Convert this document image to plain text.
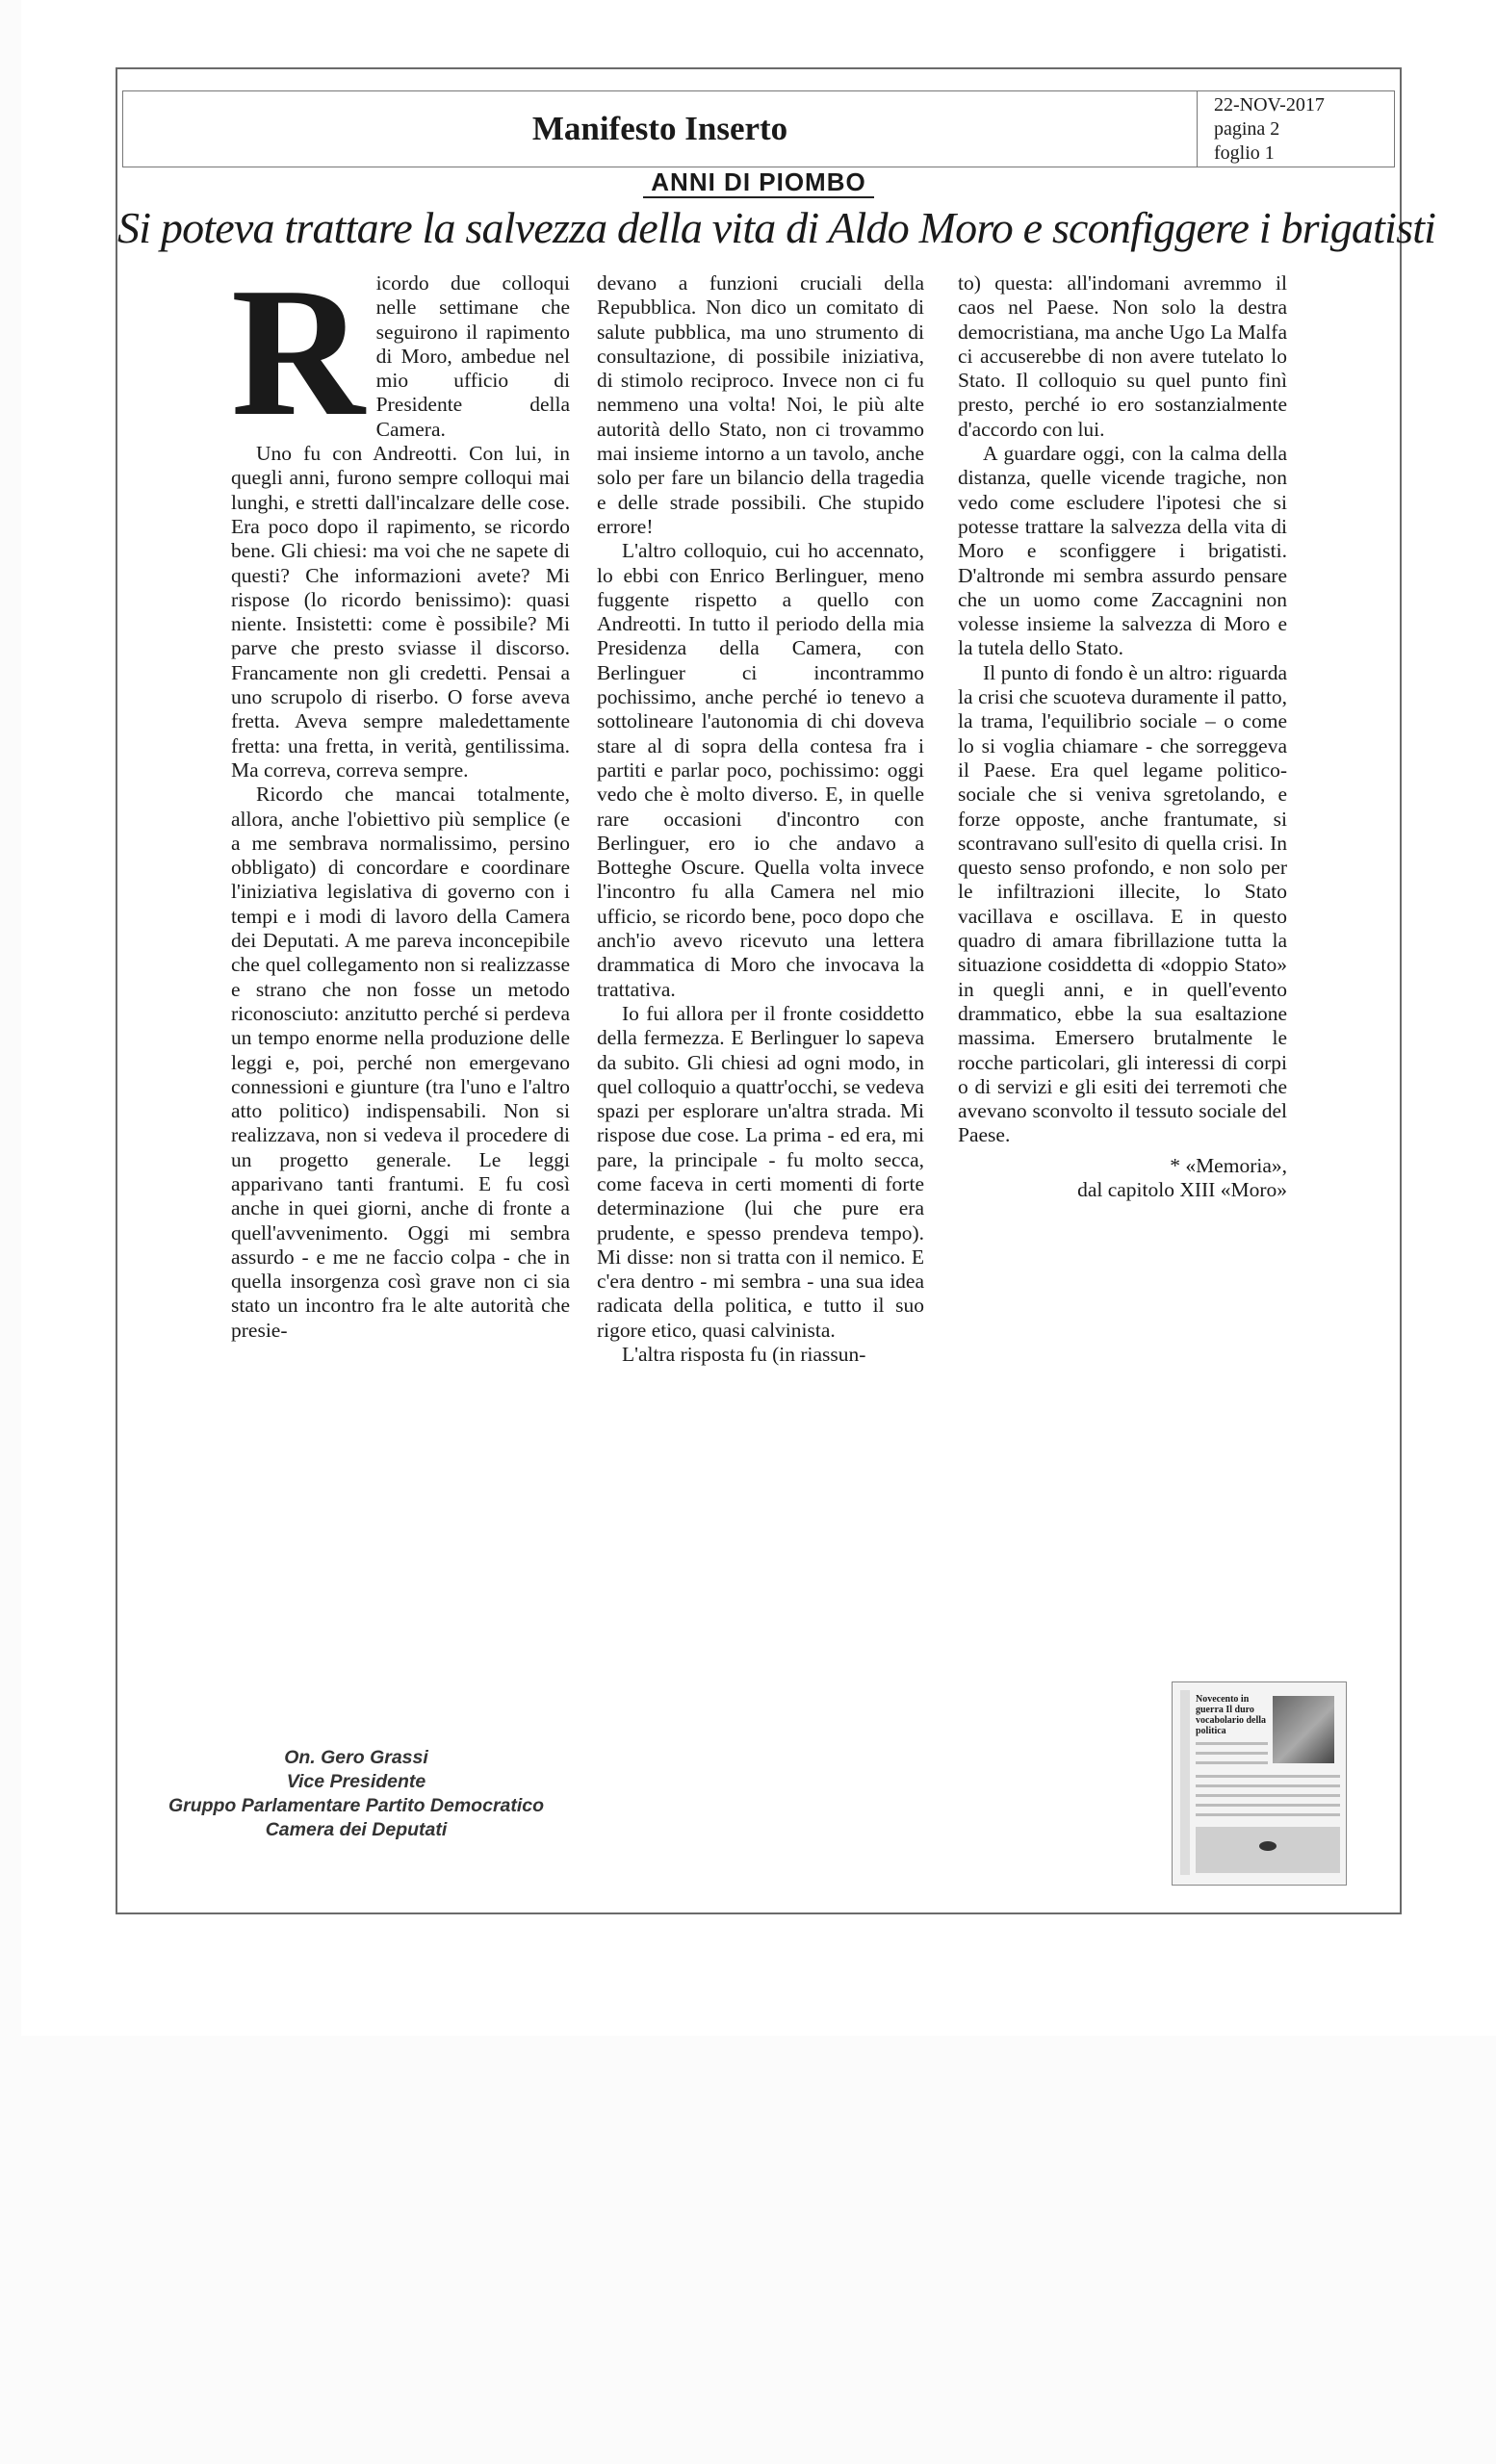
Manifesto Inserto
22-NOV-2017
pagina 2
foglio 1
ANNI DI PIOMBO
Si poteva trattare la salvezza della vita di Aldo Moro e sconfiggere i brigatisti
R icordo due colloqui nelle settimane che seguirono il rapimento di Moro, ambedue nel mio ufficio di Presidente della Camera.

Uno fu con Andreotti. Con lui, in quegli anni, furono sempre colloqui mai lunghi, e stretti dall'incalzare delle cose. Era poco dopo il rapimento, se ricordo bene. Gli chiesi: ma voi che ne sapete di questi? Che informazioni avete? Mi rispose (lo ricordo benissimo): quasi niente. Insistetti: come è possibile? Mi parve che presto sviasse il discorso. Francamente non gli credetti. Pensai a uno scrupolo di riserbo. O forse aveva fretta. Aveva sempre maledettamente fretta: una fretta, in verità, gentilissima. Ma correva, correva sempre.

Ricordo che mancai totalmente, allora, anche l'obiettivo più semplice (e a me sembrava normalissimo, persino obbligato) di concordare e coordinare l'iniziativa legislativa di governo con i tempi e i modi di lavoro della Camera dei Deputati. A me pareva inconcepibile che quel collegamento non si realizzasse e strano che non fosse un metodo riconosciuto: anzitutto perché si perdeva un tempo enorme nella produzione delle leggi e, poi, perché non emergevano connessioni e giunture (tra l'uno e l'altro atto politico) indispensabili. Non si realizzava, non si vedeva il procedere di un progetto generale. Le leggi apparivano tanti frantumi. E fu così anche in quei giorni, anche di fronte a quell'avvenimento. Oggi mi sembra assurdo - e me ne faccio colpa - che in quella insorgenza così grave non ci sia stato un incontro fra le alte autorità che presie-

devano a funzioni cruciali della Repubblica. Non dico un comitato di salute pubblica, ma uno strumento di consultazione, di possibile iniziativa, di stimolo reciproco. Invece non ci fu nemmeno una volta! Noi, le più alte autorità dello Stato, non ci trovammo mai insieme intorno a un tavolo, anche solo per fare un bilancio della tragedia e delle strade possibili. Che stupido errore!

L'altro colloquio, cui ho accennato, lo ebbi con Enrico Berlinguer, meno fuggente rispetto a quello con Andreotti. In tutto il periodo della mia Presidenza della Camera, con Berlinguer ci incontrammo pochissimo, anche perché io tenevo a sottolineare l'autonomia di chi doveva stare al di sopra della contesa fra i partiti e parlar poco, pochissimo: oggi vedo che è molto diverso. E, in quelle rare occasioni d'incontro con Berlinguer, ero io che andavo a Botteghe Oscure. Quella volta invece l'incontro fu alla Camera nel mio ufficio, se ricordo bene, poco dopo che anch'io avevo ricevuto una lettera drammatica di Moro che invocava la trattativa.

Io fui allora per il fronte cosiddetto della fermezza. E Berlinguer lo sapeva da subito. Gli chiesi ad ogni modo, in quel colloquio a quattr'occhi, se vedeva spazi per esplorare un'altra strada. Mi rispose due cose. La prima - ed era, mi pare, la principale - fu molto secca, come faceva in certi momenti di forte determinazione (lui che pure era prudente, e spesso prendeva tempo). Mi disse: non si tratta con il nemico. E c'era dentro - mi sembra - una sua idea radicata della politica, e tutto il suo rigore etico, quasi calvinista.

L'altra risposta fu (in riassun-

to) questa: all'indomani avremmo il caos nel Paese. Non solo la destra democristiana, ma anche Ugo La Malfa ci accuserebbe di non avere tutelato lo Stato. Il colloquio su quel punto finì presto, perché io ero sostanzialmente d'accordo con lui.

A guardare oggi, con la calma della distanza, quelle vicende tragiche, non vedo come escludere l'ipotesi che si potesse trattare la salvezza della vita di Moro e sconfiggere i brigatisti. D'altronde mi sembra assurdo pensare che un uomo come Zaccagnini non volesse insieme la salvezza di Moro e la tutela dello Stato.

Il punto di fondo è un altro: riguarda la crisi che scuoteva duramente il patto, la trama, l'equilibrio sociale – o come lo si voglia chiamare - che sorreggeva il Paese. Era quel legame politico-sociale che si veniva sgretolando, e forze opposte, anche frantumate, si scontravano sull'esito di quella crisi. In questo senso profondo, e non solo per le infiltrazioni illecite, lo Stato vacillava e oscillava. E in questo quadro di amara fibrillazione tutta la situazione cosiddetta di «doppio Stato» in quegli anni, e in quell'evento drammatico, ebbe la sua esaltazione massima. Emersero brutalmente le rocche particolari, gli interessi di corpi o di servizi e gli esiti dei terremoti che avevano sconvolto il tessuto sociale del Paese.

* «Memoria»,
dal capitolo XIII «Moro»
On. Gero Grassi
Vice Presidente
Gruppo Parlamentare Partito Democratico
Camera dei Deputati
Novecento in guerra Il duro vocabolario della politica
